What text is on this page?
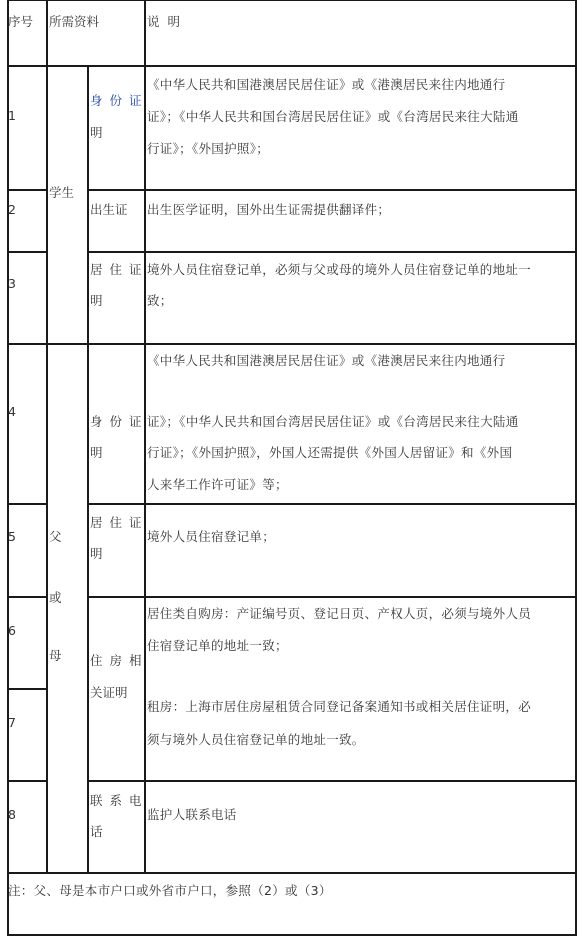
序号 所需资料	说  明
学生
父
或
母
1
身份证
明
《中华人民共和国港澳居民居住证》或《港澳居民来往内地通行
证》；《中华人民共和国台湾居民居住证》或《台湾居民来往大陆通
行证》；《外国护照》；
2	出生证 出生医学证明，国外出生证需提供翻译件；
3
居住证
明
境外人员住宿登记单，必须与父或母的境外人员住宿登记单的地址一
致；
4
身份证
明
《中华人民共和国港澳居民居住证》或《港澳居民来往内地通行
证》；《中华人民共和国台湾居民居住证》或《台湾居民来往大陆通
行证》；《外国护照》，外国人还需提供《外国人居留证》和《外国
人来华工作许可证》等；
5
居住证
明
境外人员住宿登记单；
6
居住类自购房：产证编号页、登记日页、产权人页，必须与境外人员
住宿登记单的地址一致；
住房相
关证明
7
租房：上海市居住房屋租赁合同登记备案通知书或相关居住证明，必
须与境外人员住宿登记单的地址一致。
8
联系电
话
监护人联系电话
注：父、母是本市户口或外省市户口，参照（2）或（3）
